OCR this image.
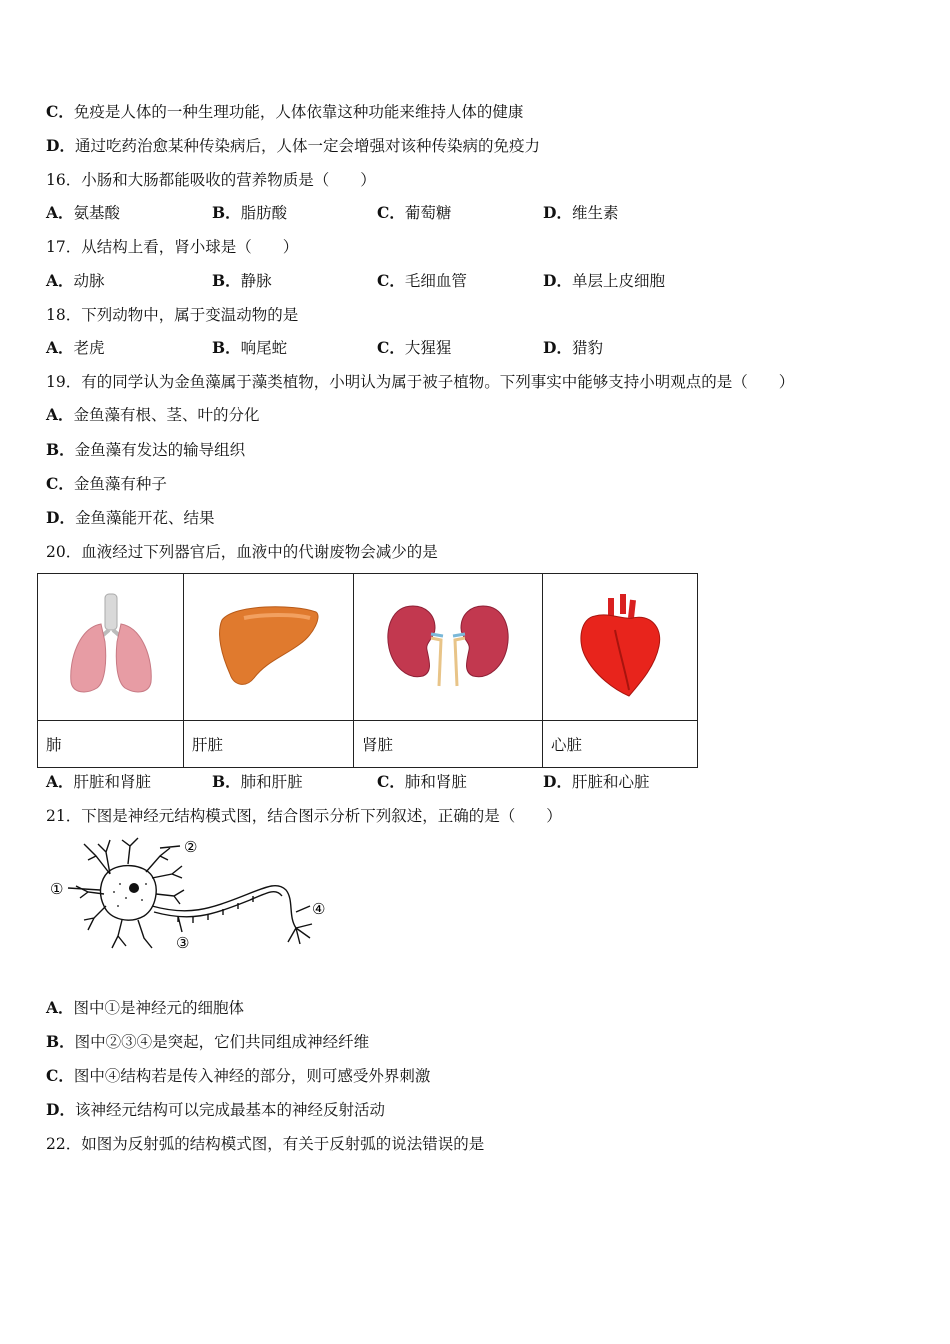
C．免疫是人体的一种生理功能，人体依靠这种功能来维持人体的健康
D．通过吃药治愈某种传染病后，人体一定会增强对该种传染病的免疫力
16．小肠和大肠都能吸收的营养物质是（　　）
A．氨基酸	B．脂肪酸	C．葡萄糖	D．维生素
17．从结构上看，肾小球是（　　）
A．动脉	B．静脉	C．毛细血管	D．单层上皮细胞
18．下列动物中，属于变温动物的是
A．老虎	B．响尾蛇	C．大猩猩	D．猎豹
19．有的同学认为金鱼藻属于藻类植物，小明认为属于被子植物。下列事实中能够支持小明观点的是（　　）
A．金鱼藻有根、茎、叶的分化
B．金鱼藻有发达的输导组织
C．金鱼藻有种子
D．金鱼藻能开花、结果
20．血液经过下列器官后，血液中的代谢废物会减少的是

肺	肝脏	肾脏	心脏
A．肝脏和肾脏	B．肺和肝脏	C．肺和肾脏	D．肝脏和心脏
21．下图是神经元结构模式图，结合图示分析下列叙述，正确的是（　　）
①
②
③
④
A．图中①是神经元的细胞体
B．图中②③④是突起，它们共同组成神经纤维
C．图中④结构若是传入神经的部分，则可感受外界刺激
D．该神经元结构可以完成最基本的神经反射活动
22．如图为反射弧的结构模式图，有关于反射弧的说法错误的是
